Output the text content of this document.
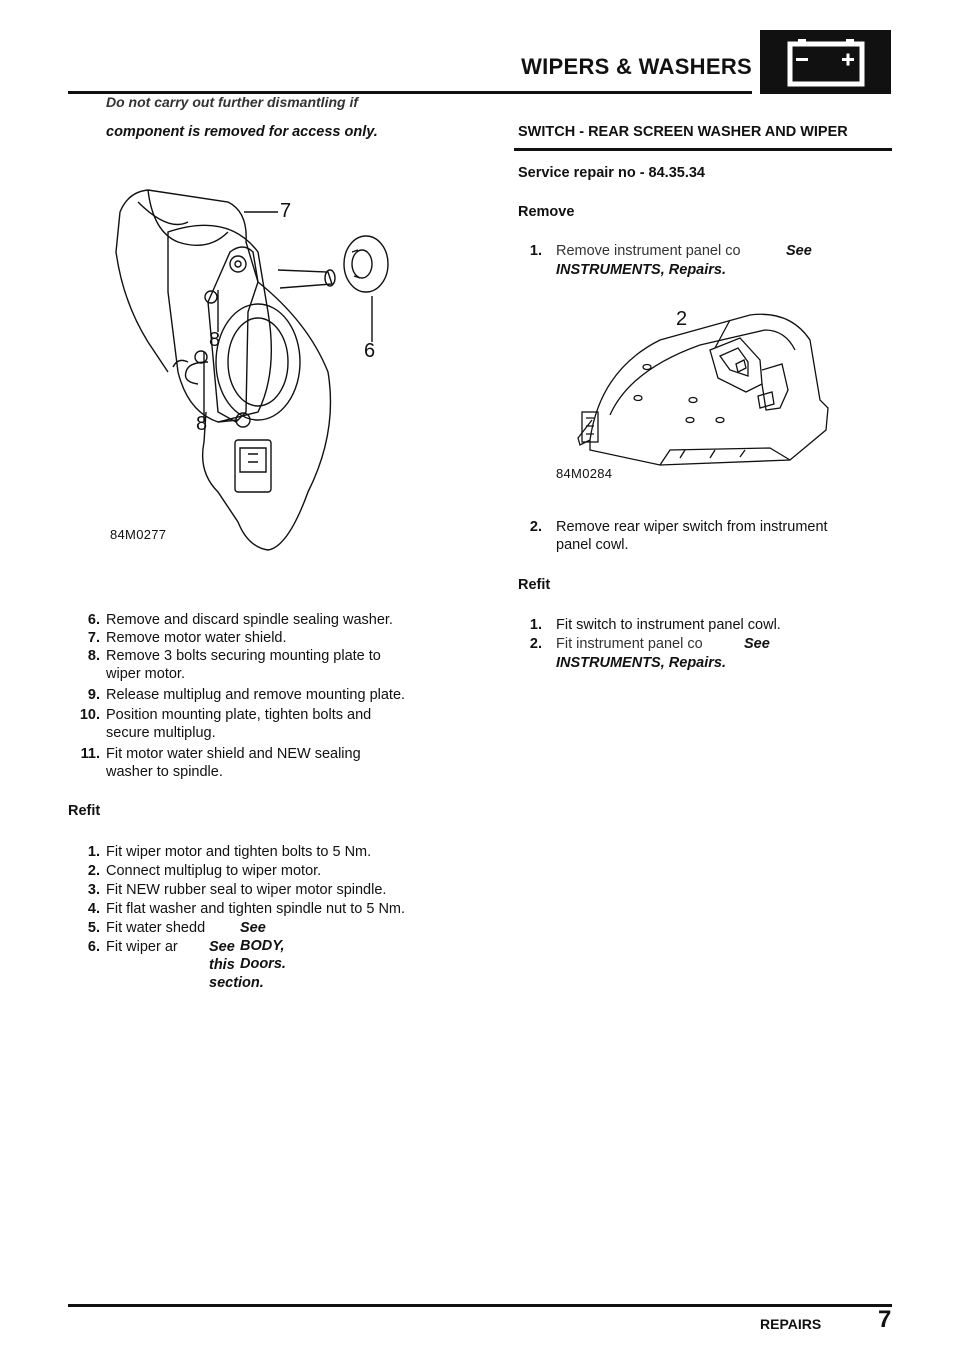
WIPERS & WASHERS
Do not carry out further dismantling if
component is removed for access only.
7
8	6
8
84M0277
6. Remove and discard spindle sealing washer.
7. Remove motor water shield.
8. Remove 3 bolts securing mounting plate to wiper motor.
9. Release multiplug and remove mounting plate.
10. Position mounting plate, tighten bolts and secure multiplug.
11. Fit motor water shield and NEW sealing washer to spindle.
Refit
1. Fit wiper motor and tighten bolts to 5 Nm.
2. Connect multiplug to wiper motor.
3. Fit NEW rubber seal to wiper motor spindle.
4. Fit flat washer and tighten spindle nut to 5 Nm.
5. Fit water shedd	See BODY, Doors.
6. Fit wiper ar	See this section.
SWITCH - REAR SCREEN WASHER AND WIPER
Service repair no - 84.35.34
Remove
1. Remove instrument panel co	See
INSTRUMENTS, Repairs.
2
84M0284
2. Remove rear wiper switch from instrument panel cowl.
Refit
1. Fit switch to instrument panel cowl.
2. Fit instrument panel co	See
INSTRUMENTS, Repairs.
REPAIRS 7
